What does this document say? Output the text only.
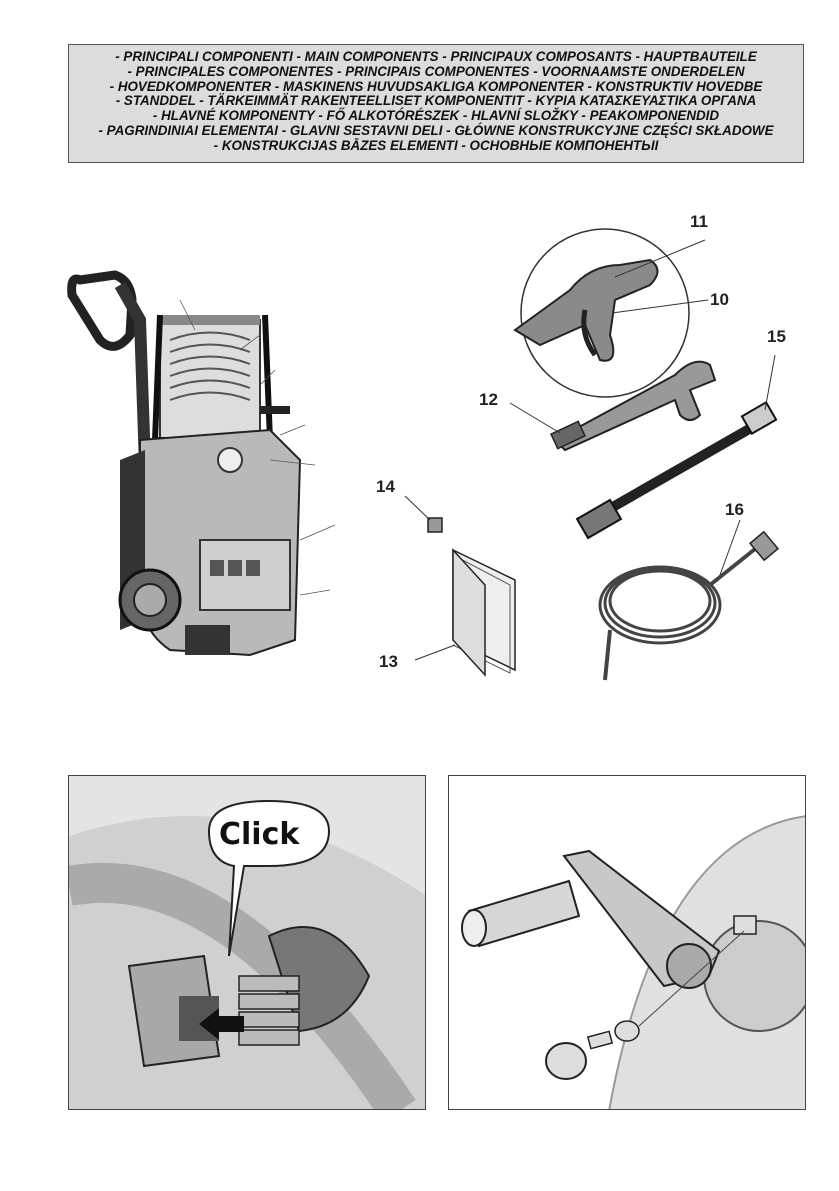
- PRINCIPALI COMPONENTI - MAIN COMPONENTS - PRINCIPAUX COMPOSANTS - HAUPTBAUTEILE
- PRINCIPALES COMPONENTES - PRINCIPAIS COMPONENTES - VOORNAAMSTE ONDERDELEN
- HOVEDKOMPONENTER - MASKINENS HUVUDSAKLIGA KOMPONENTER - KONSTRUKTIV HOVEDBE
- STANDDEL - TÄRKEIMMÄT RAKENTEELLISET KOMPONENTIT - ΚΥΡΙΑ ΚΑΤΑΣΚΕΥΑΣΤΙΚΑ ΟΡΓΑΝΑ
- HLAVNÉ KOMPONENTY - FŐ ALKOTÓRÉSZEK - HLAVNÍ SLOŽKY - PEAKOMPONENDID
- PAGRINDINIAI ELEMENTAI - GLAVNI SESTAVNI DELI - GŁÓWNE KONSTRUKCYJNE CZĘŚCI SKŁADOWE
- KONSTRUKCIJAS BĀZES ELEMENTI - ОСНОВНЫЕ КОМПОНЕНТЫI
11
10
12
15
14
13
16
Click
